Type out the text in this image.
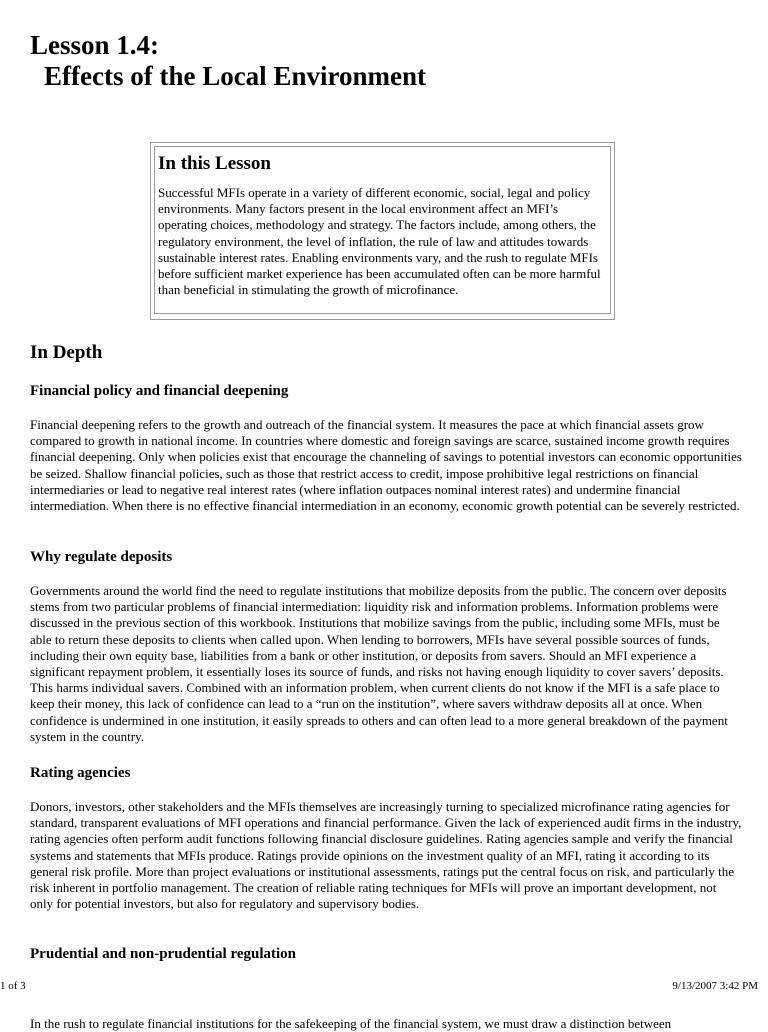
Lesson 1.4:
Effects of the Local Environment
In this Lesson

Successful MFIs operate in a variety of different economic, social, legal and policy environments. Many factors present in the local environment affect an MFI’s operating choices, methodology and strategy. The factors include, among others, the regulatory environment, the level of inflation, the rule of law and attitudes towards sustainable interest rates. Enabling environments vary, and the rush to regulate MFIs before sufficient market experience has been accumulated often can be more harmful than beneficial in stimulating the growth of microfinance.

In Depth
Financial policy and financial deepening

Financial deepening refers to the growth and outreach of the financial system. It measures the pace at which financial assets grow compared to growth in national income. In countries where domestic and foreign savings are scarce, sustained income growth requires financial deepening. Only when policies exist that encourage the channeling of savings to potential investors can economic opportunities be seized. Shallow financial policies, such as those that restrict access to credit, impose prohibitive legal restrictions on financial intermediaries or lead to negative real interest rates (where inflation outpaces nominal interest rates) and undermine financial intermediation. When there is no effective financial intermediation in an economy, economic growth potential can be severely restricted.

Why regulate deposits

Governments around the world find the need to regulate institutions that mobilize deposits from the public. The concern over deposits stems from two particular problems of financial intermediation: liquidity risk and information problems. Information problems were discussed in the previous section of this workbook. Institutions that mobilize savings from the public, including some MFIs, must be able to return these deposits to clients when called upon. When lending to borrowers, MFIs have several possible sources of funds, including their own equity base, liabilities from a bank or other institution, or deposits from savers. Should an MFI experience a significant repayment problem, it essentially loses its source of funds, and risks not having enough liquidity to cover savers’ deposits. This harms individual savers. Combined with an information problem, when current clients do not know if the MFI is a safe place to keep their money, this lack of confidence can lead to a “run on the institution”, where savers withdraw deposits all at once. When confidence is undermined in one institution, it easily spreads to others and can often lead to a more general breakdown of the payment system in the country.

Rating agencies

Donors, investors, other stakeholders and the MFIs themselves are increasingly turning to specialized microfinance rating agencies for standard, transparent evaluations of MFI operations and financial performance. Given the lack of experienced audit firms in the industry, rating agencies often perform audit functions following financial disclosure guidelines. Rating agencies sample and verify the financial systems and statements that MFIs produce. Ratings provide opinions on the investment quality of an MFI, rating it according to its general risk profile. More than project evaluations or institutional assessments, ratings put the central focus on risk, and particularly the risk inherent in portfolio management. The creation of reliable rating techniques for MFIs will prove an important development, not only for potential investors, but also for regulatory and supervisory bodies.

Prudential and non-prudential regulation
1 of 3	9/13/2007 3:42 PM
In the rush to regulate financial institutions for the safekeeping of the financial system, we must draw a distinction between
